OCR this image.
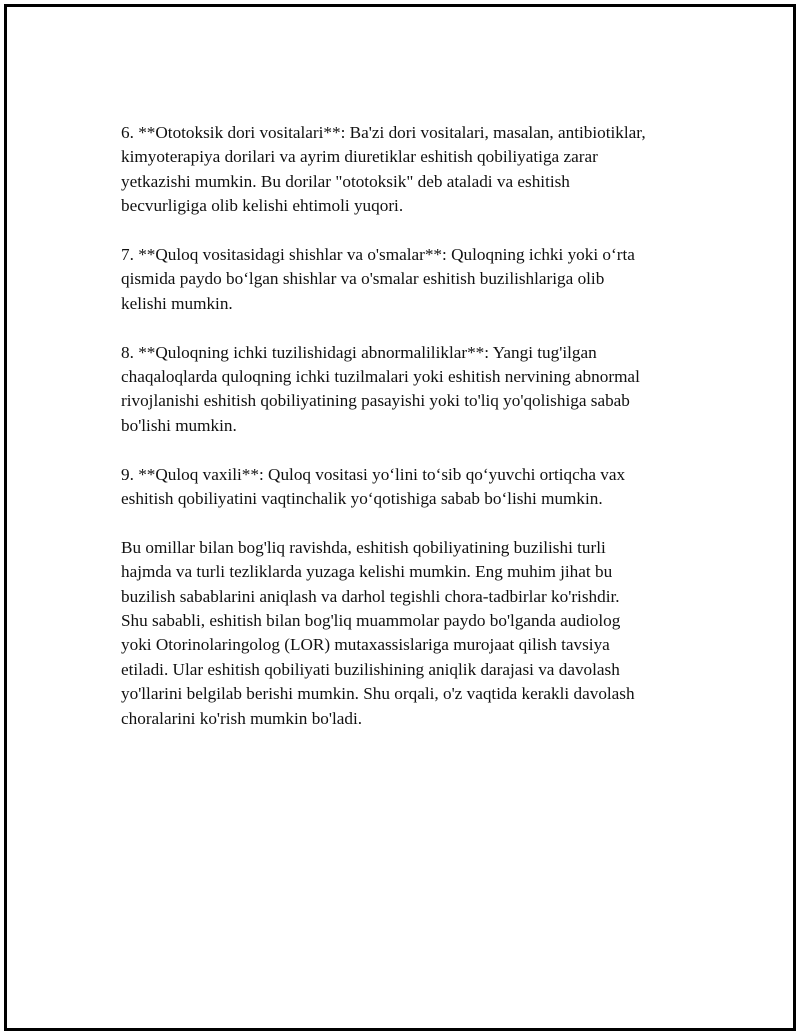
6. **Ototoksik dori vositalari**: Ba'zi dori vositalari, masalan, antibiotiklar,
kimyoterapiya dorilari va ayrim diuretiklar eshitish qobiliyatiga zarar
yetkazishi mumkin. Bu dorilar "ototoksik" deb ataladi va eshitish
becvurligiga olib kelishi ehtimoli yuqori.

7. **Quloq vositasidagi shishlar va o'smalar**: Quloqning ichki yoki o‘rta
qismida paydo bo‘lgan shishlar va o'smalar eshitish buzilishlariga olib
kelishi mumkin.

8. **Quloqning ichki tuzilishidagi abnormaliliklar**: Yangi tug'ilgan
chaqaloqlarda quloqning ichki tuzilmalari yoki eshitish nervining abnormal
rivojlanishi eshitish qobiliyatining pasayishi yoki to'liq yo'qolishiga sabab
bo'lishi mumkin.

9. **Quloq vaxili**: Quloq vositasi yo‘lini to‘sib qo‘yuvchi ortiqcha vax
eshitish qobiliyatini vaqtinchalik yo‘qotishiga sabab bo‘lishi mumkin.

Bu omillar bilan bog'liq ravishda, eshitish qobiliyatining buzilishi turli
hajmda va turli tezliklarda yuzaga kelishi mumkin. Eng muhim jihat bu
buzilish sabablarini aniqlash va darhol tegishli chora-tadbirlar ko'rishdir.
Shu sababli, eshitish bilan bog'liq muammolar paydo bo'lganda audiolog
yoki Otorinolaringolog (LOR) mutaxassislariga murojaat qilish tavsiya
etiladi. Ular eshitish qobiliyati buzilishining aniqlik darajasi va davolash
yo'llarini belgilab berishi mumkin. Shu orqali, o'z vaqtida kerakli davolash
choralarini ko'rish mumkin bo'ladi.
